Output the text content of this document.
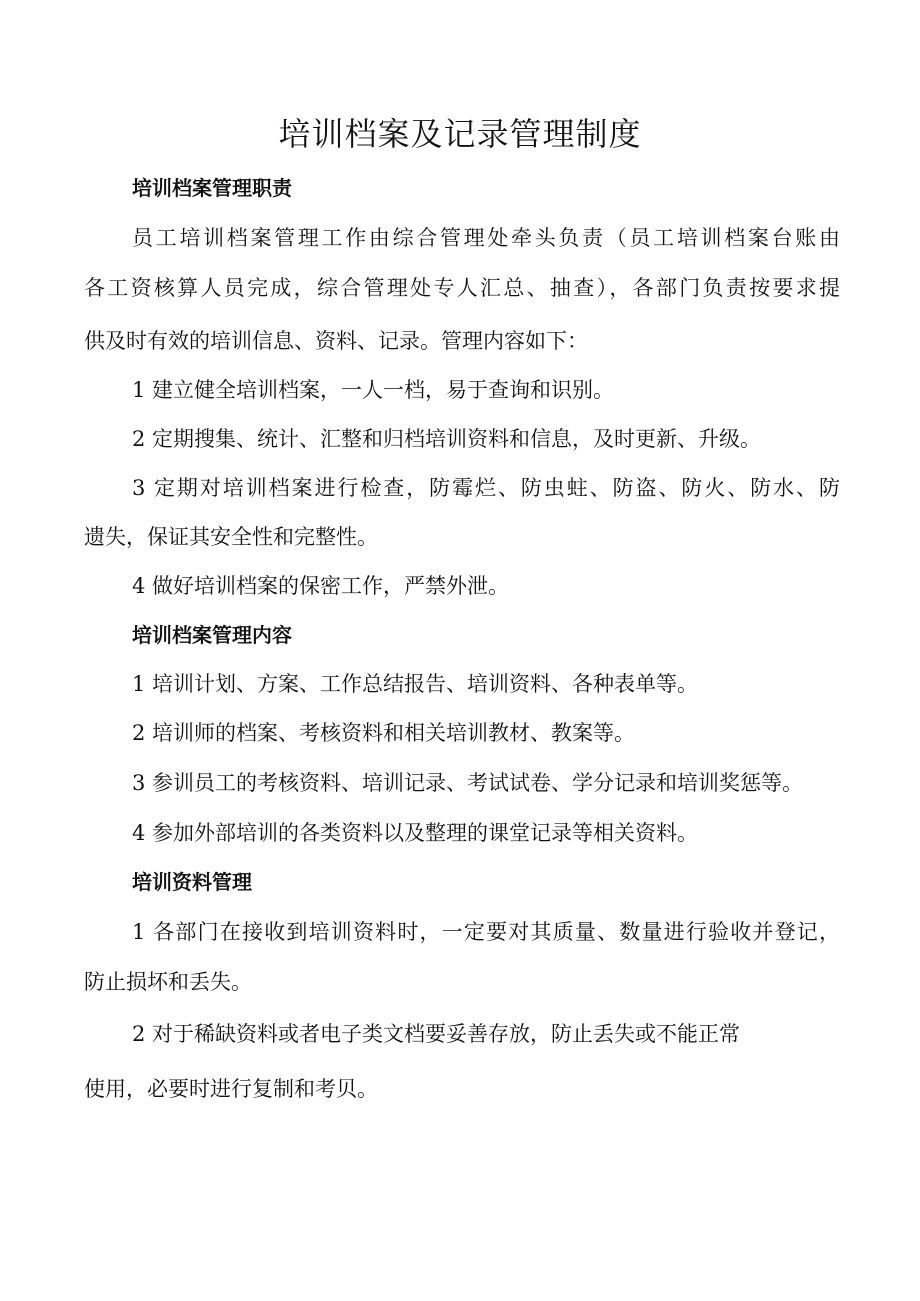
培训档案及记录管理制度

培训档案管理职责

员工培训档案管理工作由综合管理处牵头负责（员工培训档案台账由

各工资核算人员完成，综合管理处专人汇总、抽查），各部门负责按要求提

供及时有效的培训信息、资料、记录。管理内容如下：

1 建立健全培训档案，一人一档，易于查询和识别。

2 定期搜集、统计、汇整和归档培训资料和信息，及时更新、升级。

3 定期对培训档案进行检查，防霉烂、防虫蛀、防盗、防火、防水、防

遗失，保证其安全性和完整性。

4 做好培训档案的保密工作，严禁外泄。

培训档案管理内容

1 培训计划、方案、工作总结报告、培训资料、各种表单等。

2 培训师的档案、考核资料和相关培训教材、教案等。

3 参训员工的考核资料、培训记录、考试试卷、学分记录和培训奖惩等。

4 参加外部培训的各类资料以及整理的课堂记录等相关资料。

培训资料管理

1 各部门在接收到培训资料时，一定要对其质量、数量进行验收并登记，

防止损坏和丢失。

2 对于稀缺资料或者电子类文档要妥善存放，防止丢失或不能正常

使用，必要时进行复制和考贝。
